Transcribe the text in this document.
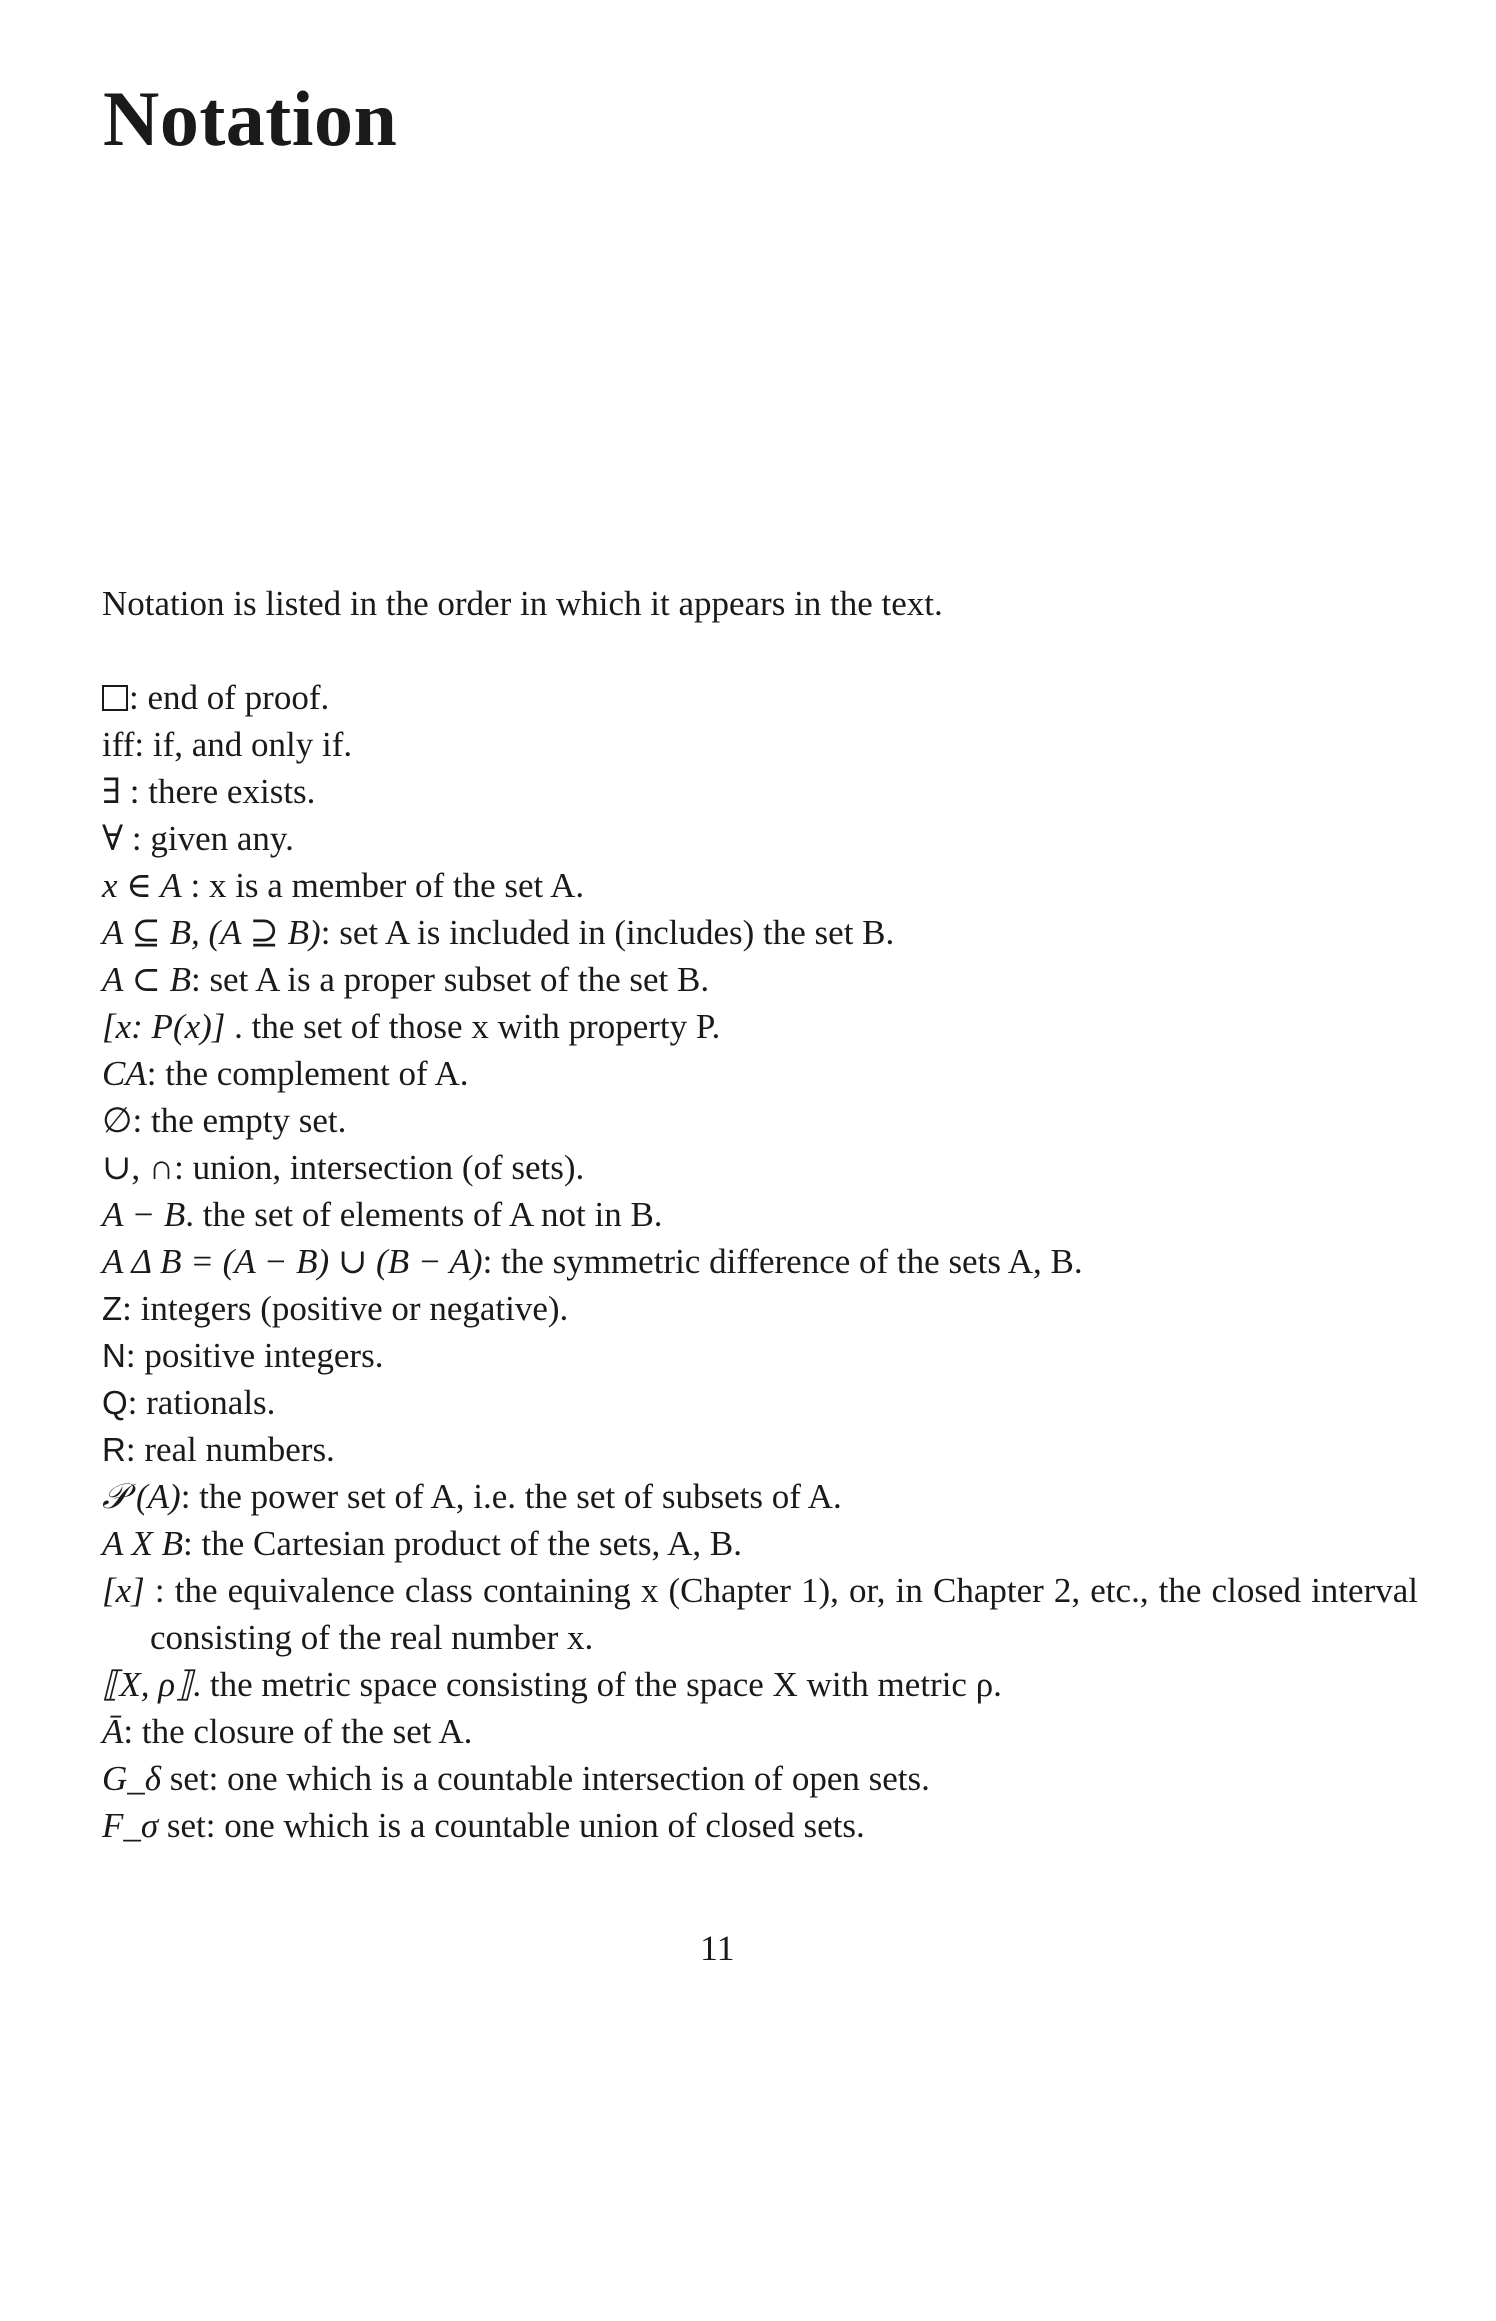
Notation

Notation is listed in the order in which it appears in the text.

: end of proof.
iff: if, and only if.
∃ : there exists.
∀ : given any.
x ∈ A : x is a member of the set A.
A ⊆ B, (A ⊇ B): set A is included in (includes) the set B.
A ⊂ B: set A is a proper subset of the set B.
[x: P(x)] . the set of those x with property P.
CA: the complement of A.
∅: the empty set.
∪, ∩: union, intersection (of sets).
A − B. the set of elements of A not in B.
A Δ B = (A − B) ∪ (B − A): the symmetric difference of the sets A, B.
Z: integers (positive or negative).
N: positive integers.
Q: rationals.
R: real numbers.
𝒫 (A): the power set of A, i.e. the set of subsets of A.
A X B: the Cartesian product of the sets, A, B.
[x] : the equivalence class containing x (Chapter 1), or, in Chapter 2, etc., the closed interval consisting of the real number x.
⟦X, ρ⟧. the metric space consisting of the space X with metric ρ.
Ā: the closure of the set A.
G_δ set: one which is a countable intersection of open sets.
F_σ set: one which is a countable union of closed sets.
11
